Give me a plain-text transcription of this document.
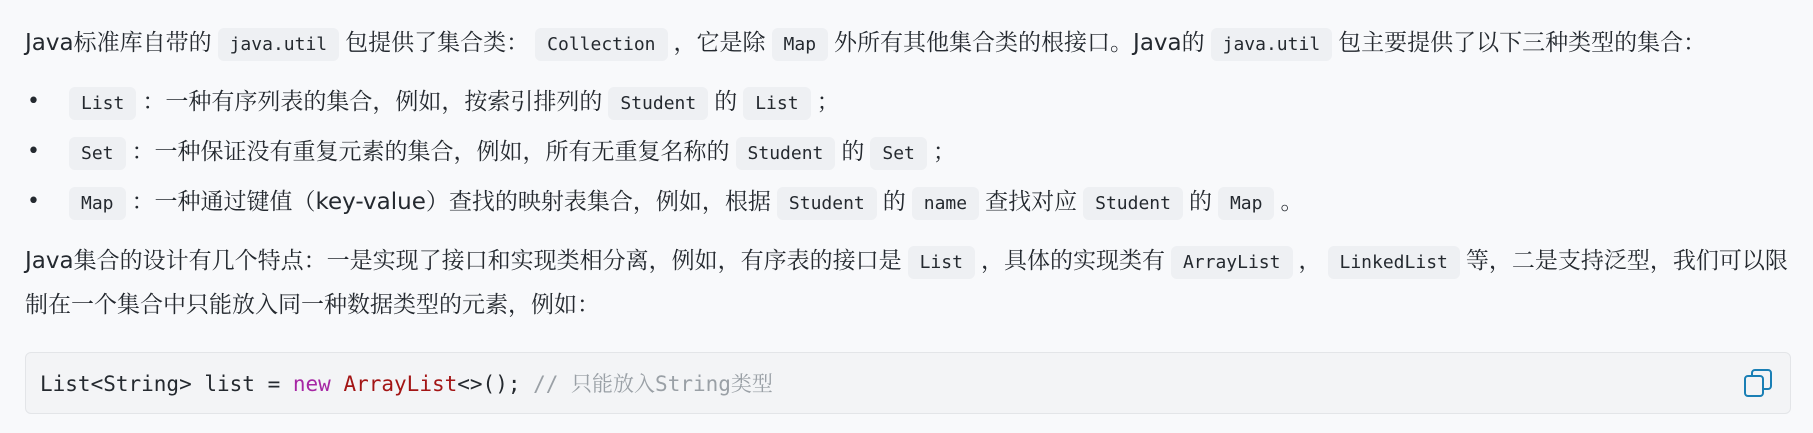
Java标准库自带的 java.util 包提供了集合类： Collection ，它是除 Map 外所有其他集合类的根接口。Java的 java.util 包主要提供了以下三种类型的集合：

• List ：一种有序列表的集合，例如，按索引排列的 Student 的 List ；
• Set ：一种保证没有重复元素的集合，例如，所有无重复名称的 Student 的 Set ；
• Map ：一种通过键值（key-value）查找的映射表集合，例如，根据 Student 的 name 查找对应 Student 的 Map 。

Java集合的设计有几个特点：一是实现了接口和实现类相分离，例如，有序表的接口是 List ，具体的实现类有 ArrayList ， LinkedList 等，二是支持泛型，我们可以限制在一个集合中只能放入同一种数据类型的元素，例如：

List<String> list = new ArrayList<>(); // 只能放入String类型
